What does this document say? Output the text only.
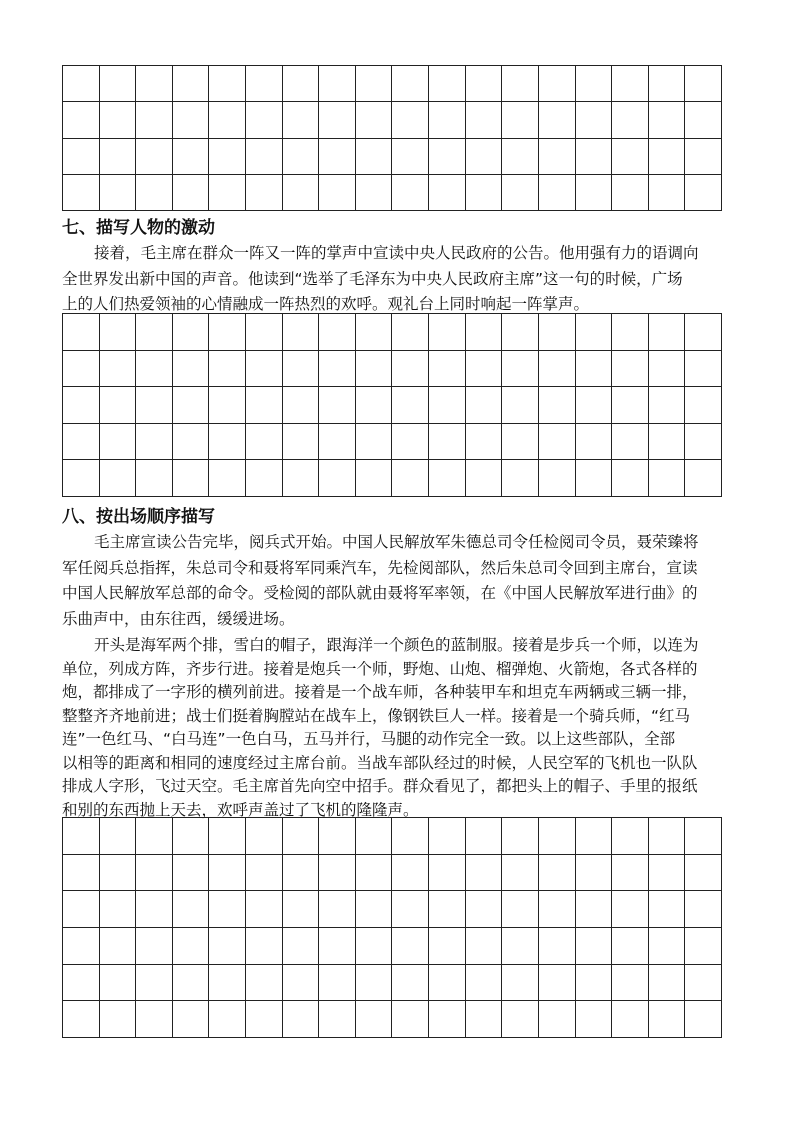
七、描写人物的激动
接着，毛主席在群众一阵又一阵的掌声中宣读中央人民政府的公告。他用强有力的语调向
全世界发出新中国的声音。他读到“选举了毛泽东为中央人民政府主席”这一句的时候，广场
上的人们热爱领袖的心情融成一阵热烈的欢呼。观礼台上同时响起一阵掌声。
八、按出场顺序描写
毛主席宣读公告完毕，阅兵式开始。中国人民解放军朱德总司令任检阅司令员，聂荣臻将
军任阅兵总指挥，朱总司令和聂将军同乘汽车，先检阅部队，然后朱总司令回到主席台，宣读
中国人民解放军总部的命令。受检阅的部队就由聂将军率领，在《中国人民解放军进行曲》的
乐曲声中，由东往西，缓缓进场。
开头是海军两个排，雪白的帽子，跟海洋一个颜色的蓝制服。接着是步兵一个师，以连为
单位，列成方阵，齐步行进。接着是炮兵一个师，野炮、山炮、榴弹炮、火箭炮，各式各样的
炮，都排成了一字形的横列前进。接着是一个战车师，各种装甲车和坦克车两辆或三辆一排，
整整齐齐地前进；战士们挺着胸膛站在战车上，像钢铁巨人一样。接着是一个骑兵师，“红马
连”一色红马、“白马连”一色白马，五马并行，马腿的动作完全一致。以上这些部队，全部
以相等的距离和相同的速度经过主席台前。当战车部队经过的时候，人民空军的飞机也一队队
排成人字形，飞过天空。毛主席首先向空中招手。群众看见了，都把头上的帽子、手里的报纸
和别的东西抛上天去，欢呼声盖过了飞机的隆隆声。
